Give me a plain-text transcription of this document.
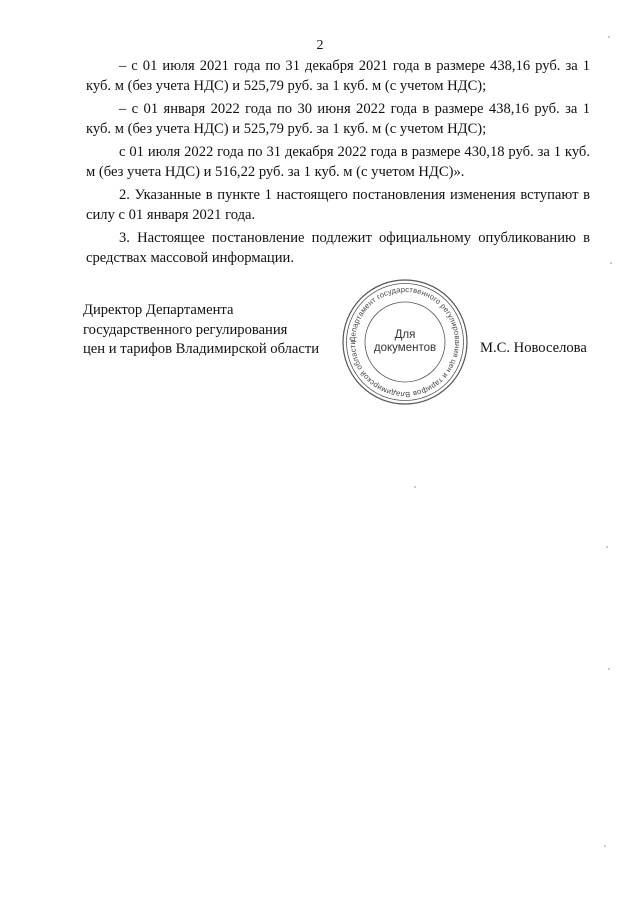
2

– с 01 июля 2021 года по 31 декабря 2021 года в размере 438,16 руб. за 1 куб. м (без учета НДС) и 525,79 руб. за 1 куб. м (с учетом НДС);

– с 01 января 2022 года по 30 июня 2022 года в размере 438,16 руб. за 1 куб. м (без учета НДС) и 525,79 руб. за 1 куб. м (с учетом НДС);

с 01 июля 2022 года по 31 декабря 2022 года в размере 430,18 руб. за 1 куб. м (без учета НДС) и 516,22 руб. за 1 куб. м (с учетом НДС)».

2. Указанные в пункте 1 настоящего постановления изменения вступают в силу с 01 января 2021 года.

3. Настоящее постановление подлежит официальному опубликованию в средствах массовой информации.

Директор Департамента
государственного регулирования
цен и тарифов Владимирской области
Департамент государственного регулирования цен и тарифов Владимирской области
Для
документов	М.С. Новоселова
